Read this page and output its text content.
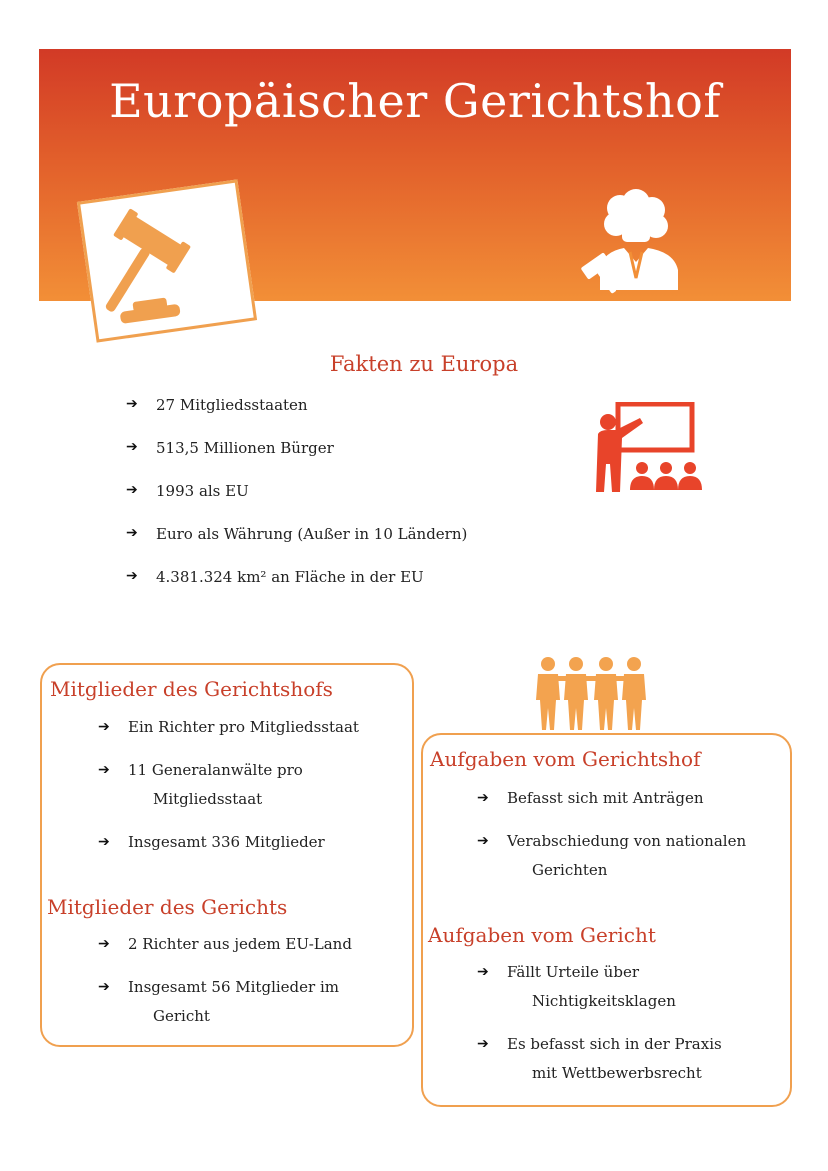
Europäischer Gerichtshof
Fakten zu Europa
➔	27 Mitgliedsstaaten
➔	513,5 Millionen Bürger
➔	1993 als EU
➔	Euro als Währung (Außer in 10 Ländern)
➔	4.381.324 km² an Fläche in der EU
Mitglieder des Gerichtshofs
➔	Ein Richter pro Mitgliedsstaat
➔	11 Generalanwälte pro
Mitgliedsstaat
➔	Insgesamt 336 Mitglieder
Mitglieder des Gerichts
➔	2 Richter aus jedem EU-Land
➔	Insgesamt 56 Mitglieder im
Gericht
Aufgaben vom Gerichtshof
➔	Befasst sich mit Anträgen
➔	Verabschiedung von nationalen
Gerichten
Aufgaben vom Gericht
➔	Fällt Urteile über
Nichtigkeitsklagen
➔	Es befasst sich in der Praxis
mit Wettbewerbsrecht
